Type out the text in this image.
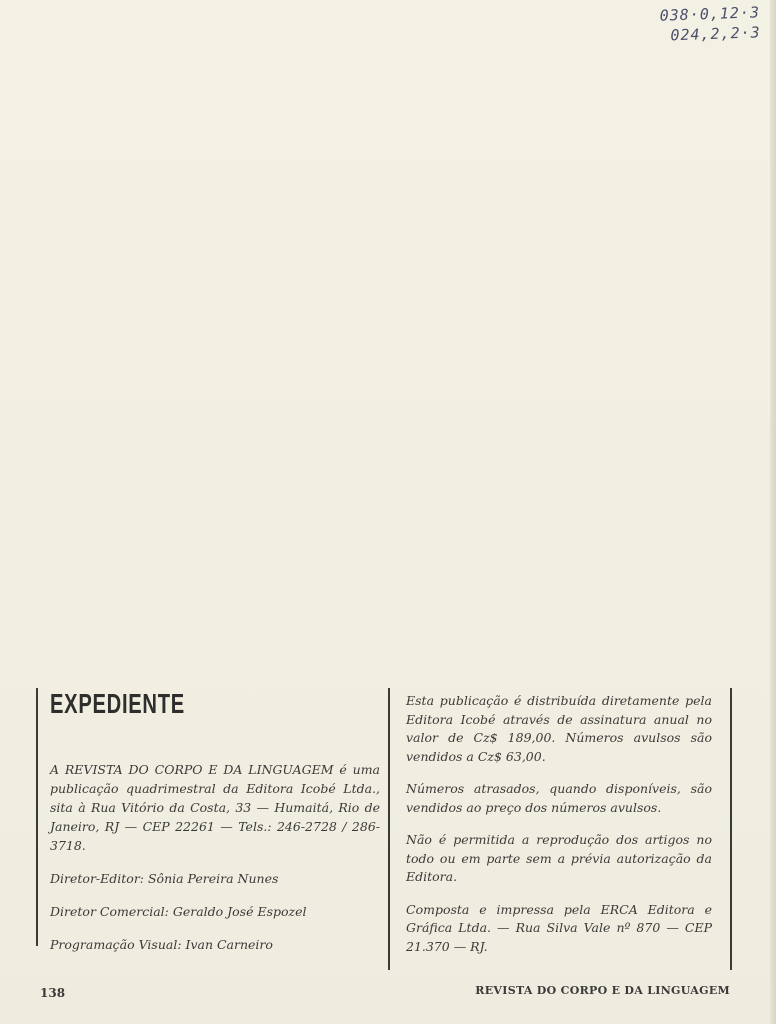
038·0,12·3
024,2,2·3
EXPEDIENTE
A REVISTA DO CORPO E DA LINGUAGEM é uma publicação quadrimestral da Editora Icobé Ltda., sita à Rua Vitório da Costa, 33 — Humaitá, Rio de Janeiro, RJ — CEP 22261 — Tels.: 246-2728 / 286-3718.
Diretor-Editor: Sônia Pereira Nunes
Diretor Comercial: Geraldo José Espozel
Programação Visual: Ivan Carneiro

Esta publicação é distribuída diretamente pela Editora Icobé através de assinatura anual no valor de Cz$ 189,00. Números avulsos são vendidos a Cz$ 63,00.

Números atrasados, quando disponíveis, são vendidos ao preço dos números avulsos.

Não é permitida a reprodução dos artigos no todo ou em parte sem a prévia autorização da Editora.

Composta e impressa pela ERCA Editora e Gráfica Ltda. — Rua Silva Vale nº 870 — CEP 21.370 — RJ.

138	REVISTA DO CORPO E DA LINGUAGEM
